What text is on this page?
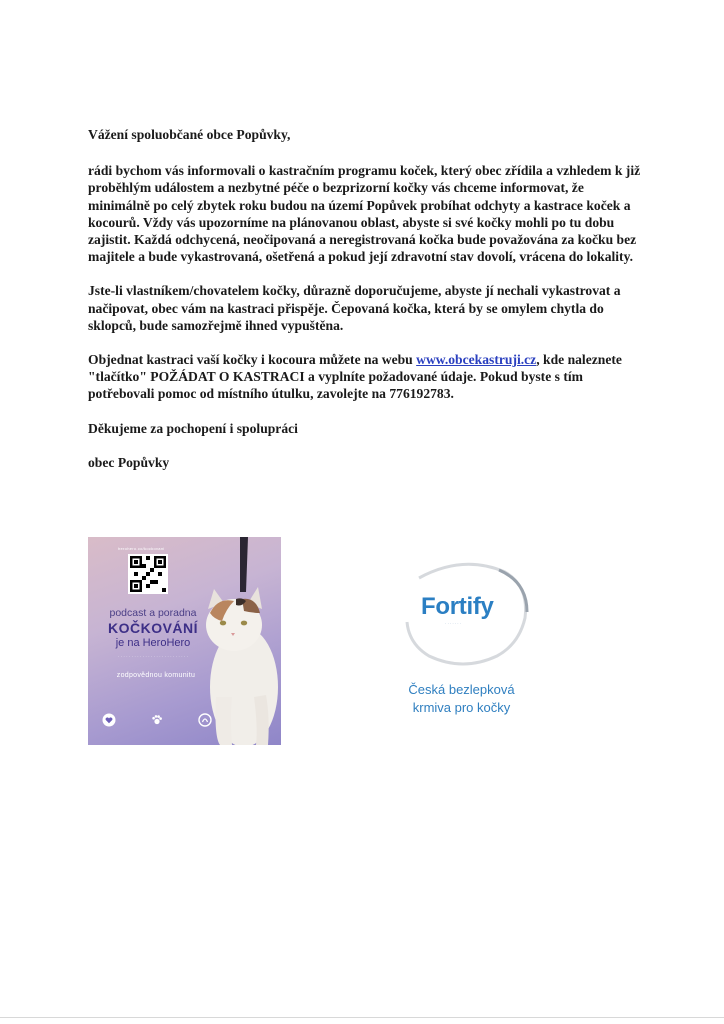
Vážení spoluobčané obce Popůvky,

rádi bychom vás informovali o kastračním programu koček, který obec zřídila a vzhledem k již proběhlým událostem a nezbytné péče o bezprizorní kočky vás chceme informovat, že minimálně po celý zbytek roku budou na území Popůvek probíhat odchyty a kastrace koček a kocourů. Vždy vás upozorníme na plánovanou oblast, abyste si své kočky mohli po tu dobu zajistit. Každá odchycená, neočipovaná a neregistrovaná kočka bude považována za kočku bez majitele a bude vykastrovaná, ošetřená a pokud její zdravotní stav dovolí, vrácena do lokality.

Jste-li vlastníkem/chovatelem kočky, důrazně doporučujeme, abyste jí nechali vykastrovat a načipovat, obec vám na kastraci přispěje. Čepovaná kočka, která by se omylem chytla do sklopců, bude samozřejmě ihned vypuštěna.

Objednat kastraci vaší kočky i kocoura můžete na webu www.obcekastruji.cz, kde naleznete "tlačítko" POŽÁDAT O KASTRACI a vyplníte požadované údaje. Pokud byste s tím potřebovali pomoc od místního útulku, zavolejte na 776192783.

Děkujeme za pochopení i spolupráci

obec Popůvky

herohero.co/kockovani
podcast a poradna
KOČKOVÁNÍ
je na HeroHero
· · · · · · · · · · · · · · · · · · · · · · · · · ·
zodpovědnou komunitu
Fortify
· · · · · · ·
Česká bezlepková
krmiva pro kočky
